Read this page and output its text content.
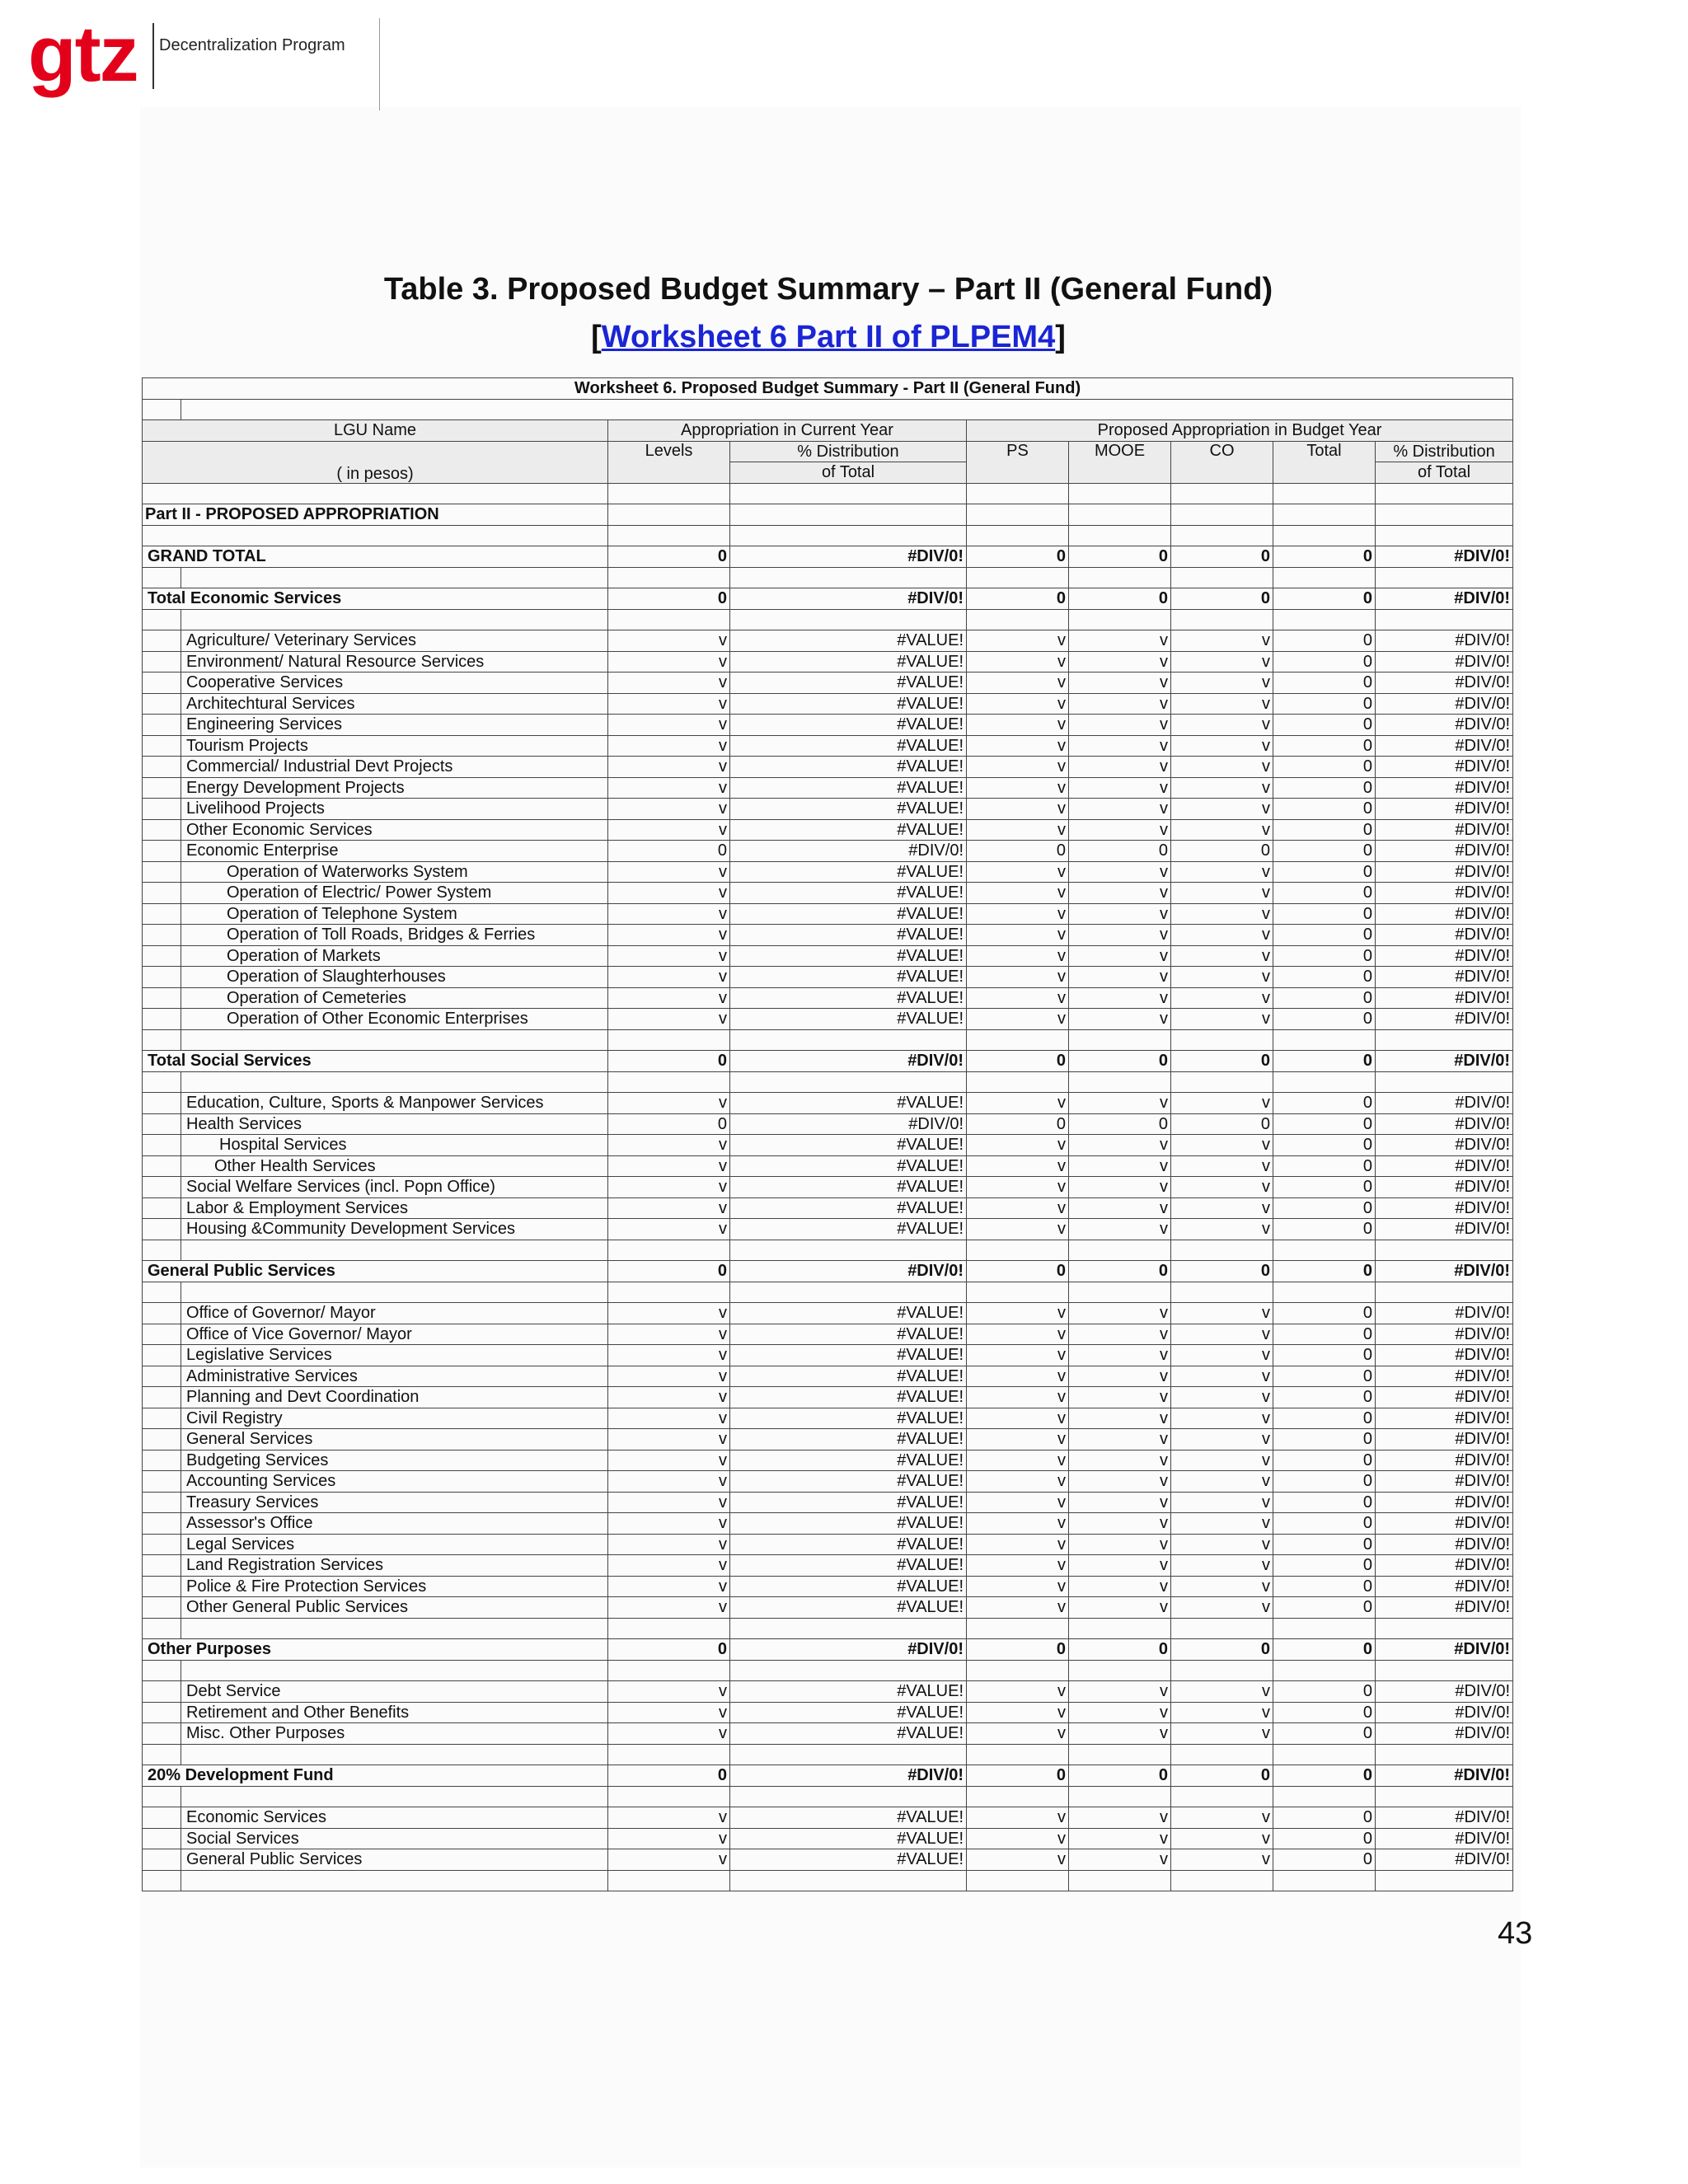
gtz Decentralization Program
Table 3. Proposed Budget Summary – Part II (General Fund)
[Worksheet 6 Part II of PLPEM4]
Worksheet 6. Proposed Budget Summary - Part II (General Fund)								

LGU Name		Appropriation in Current Year		Proposed Appropriation in Budget Year				
( in pesos)		Levels	% Distribution	PS	MOOE	CO	Total	% Distribution
			of Total					of Total

Part II - PROPOSED APPROPRIATION								

GRAND TOTAL		0	#DIV/0!	0	0	0	0	#DIV/0!

Total Economic Services		0	#DIV/0!	0	0	0	0	#DIV/0!

	Agriculture/ Veterinary Services	v	#VALUE!	v	v	v	0	#DIV/0!
	Environment/ Natural Resource Services	v	#VALUE!	v	v	v	0	#DIV/0!
	Cooperative Services	v	#VALUE!	v	v	v	0	#DIV/0!
	Architechtural Services	v	#VALUE!	v	v	v	0	#DIV/0!
	Engineering Services	v	#VALUE!	v	v	v	0	#DIV/0!
	Tourism Projects	v	#VALUE!	v	v	v	0	#DIV/0!
	Commercial/ Industrial Devt Projects	v	#VALUE!	v	v	v	0	#DIV/0!
	Energy Development Projects	v	#VALUE!	v	v	v	0	#DIV/0!
	Livelihood Projects	v	#VALUE!	v	v	v	0	#DIV/0!
	Other Economic Services	v	#VALUE!	v	v	v	0	#DIV/0!
	Economic Enterprise	0	#DIV/0!	0	0	0	0	#DIV/0!
	Operation of Waterworks System	v	#VALUE!	v	v	v	0	#DIV/0!
	Operation of Electric/ Power System	v	#VALUE!	v	v	v	0	#DIV/0!
	Operation of Telephone System	v	#VALUE!	v	v	v	0	#DIV/0!
	Operation of Toll Roads, Bridges & Ferries	v	#VALUE!	v	v	v	0	#DIV/0!
	Operation of Markets	v	#VALUE!	v	v	v	0	#DIV/0!
	Operation of Slaughterhouses	v	#VALUE!	v	v	v	0	#DIV/0!
	Operation of Cemeteries	v	#VALUE!	v	v	v	0	#DIV/0!
	Operation of Other Economic Enterprises	v	#VALUE!	v	v	v	0	#DIV/0!

Total Social Services		0	#DIV/0!	0	0	0	0	#DIV/0!

	Education, Culture, Sports & Manpower Services	v	#VALUE!	v	v	v	0	#DIV/0!
	Health Services	0	#DIV/0!	0	0	0	0	#DIV/0!
	Hospital Services	v	#VALUE!	v	v	v	0	#DIV/0!
	Other Health Services	v	#VALUE!	v	v	v	0	#DIV/0!
	Social Welfare Services (incl. Popn Office)	v	#VALUE!	v	v	v	0	#DIV/0!
	Labor & Employment Services	v	#VALUE!	v	v	v	0	#DIV/0!
	Housing &Community Development Services	v	#VALUE!	v	v	v	0	#DIV/0!

General Public Services		0	#DIV/0!	0	0	0	0	#DIV/0!

	Office of Governor/ Mayor	v	#VALUE!	v	v	v	0	#DIV/0!
	Office of Vice Governor/ Mayor	v	#VALUE!	v	v	v	0	#DIV/0!
	Legislative Services	v	#VALUE!	v	v	v	0	#DIV/0!
	Administrative Services	v	#VALUE!	v	v	v	0	#DIV/0!
	Planning and Devt Coordination	v	#VALUE!	v	v	v	0	#DIV/0!
	Civil Registry	v	#VALUE!	v	v	v	0	#DIV/0!
	General Services	v	#VALUE!	v	v	v	0	#DIV/0!
	Budgeting Services	v	#VALUE!	v	v	v	0	#DIV/0!
	Accounting Services	v	#VALUE!	v	v	v	0	#DIV/0!
	Treasury Services	v	#VALUE!	v	v	v	0	#DIV/0!
	Assessor's Office	v	#VALUE!	v	v	v	0	#DIV/0!
	Legal Services	v	#VALUE!	v	v	v	0	#DIV/0!
	Land Registration Services	v	#VALUE!	v	v	v	0	#DIV/0!
	Police & Fire Protection Services	v	#VALUE!	v	v	v	0	#DIV/0!
	Other General Public Services	v	#VALUE!	v	v	v	0	#DIV/0!

Other Purposes		0	#DIV/0!	0	0	0	0	#DIV/0!

	Debt Service	v	#VALUE!	v	v	v	0	#DIV/0!
	Retirement and Other Benefits	v	#VALUE!	v	v	v	0	#DIV/0!
	Misc. Other Purposes	v	#VALUE!	v	v	v	0	#DIV/0!

20% Development Fund		0	#DIV/0!	0	0	0	0	#DIV/0!

	Economic Services	v	#VALUE!	v	v	v	0	#DIV/0!
	Social Services	v	#VALUE!	v	v	v	0	#DIV/0!
	General Public Services	v	#VALUE!	v	v	v	0	#DIV/0!

43
